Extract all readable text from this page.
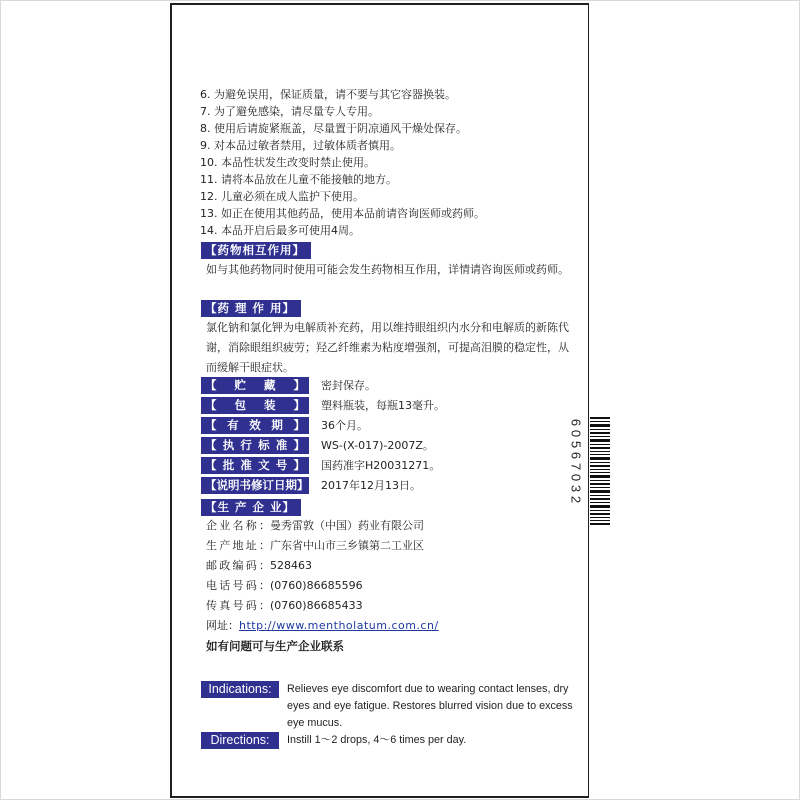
6. 为避免误用，保证质量，请不要与其它容器换装。
7. 为了避免感染，请尽量专人专用。
8. 使用后请旋紧瓶盖，尽量置于阴凉通风干燥处保存。
9. 对本品过敏者禁用，过敏体质者慎用。
10. 本品性状发生改变时禁止使用。
11. 请将本品放在儿童不能接触的地方。
12. 儿童必须在成人监护下使用。
13. 如正在使用其他药品，使用本品前请咨询医师或药师。
14. 本品开启后最多可使用4周。
【药物相互作用】
如与其他药物同时使用可能会发生药物相互作用，详情请咨询医师或药师。
【药 理 作 用】
氯化钠和氯化钾为电解质补充药，用以维持眼组织内水分和电解质的新陈代谢，消除眼组织疲劳；羟乙纤维素为粘度增强剂，可提高泪膜的稳定性，从而缓解干眼症状。
【贮藏】 密封保存。
【包装】 塑料瓶装，每瓶13毫升。
【有效期】 36个月。
【执行标准】 WS-(X-017)-2007Z。
【批准文号】 国药准字H20031271。
【说明书修订日期】 2017年12月13日。
【生 产 企 业】
企业名称：曼秀雷敦（中国）药业有限公司
生产地址：广东省中山市三乡镇第二工业区
邮政编码：528463
电话号码：(0760)86685596
传真号码：(0760)86685433
网址：http://www.mentholatum.com.cn/
如有问题可与生产企业联系
Indications:	Relieves eye discomfort due to wearing contact lenses, dry eyes and eye fatigue. Restores blurred vision due to excess eye mucus.
Directions:	Instill 1～2 drops, 4～6 times per day.
6
0
5
6
7
0
3
2
